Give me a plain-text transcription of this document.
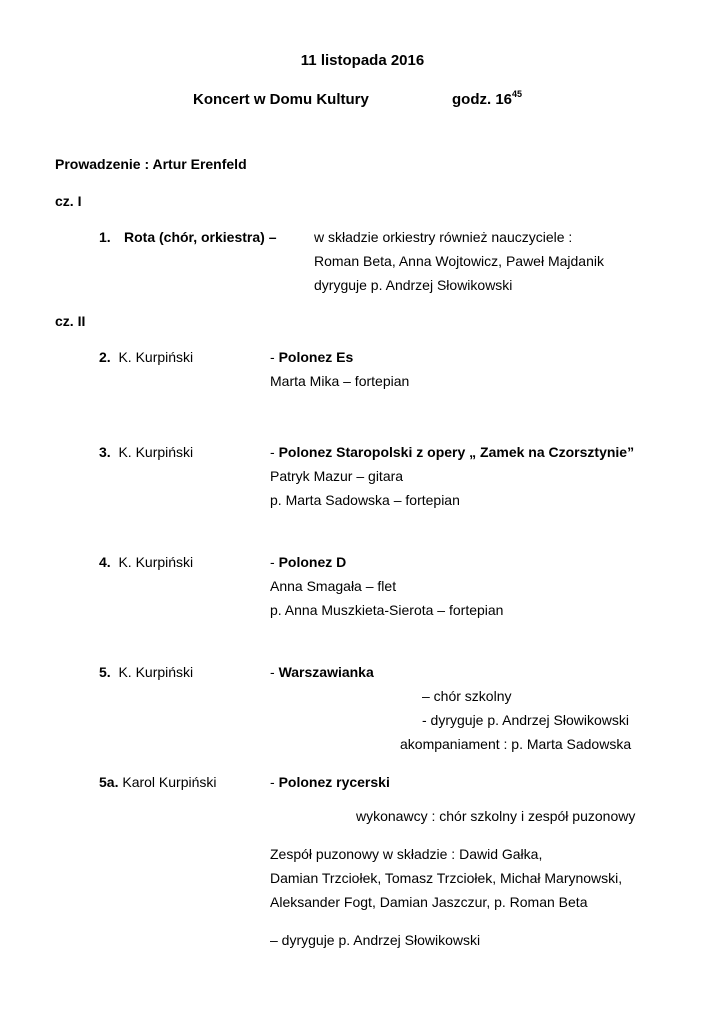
11 listopada 2016
Koncert w Domu Kultury	godz. $16^{45}$
Prowadzenie : Artur Erenfeld
cz. I
1. Rota (chór, orkiestra) –	w składzie orkiestry również nauczyciele :
Roman Beta, Anna Wojtowicz, Paweł Majdanik
dyryguje p. Andrzej Słowikowski
cz. II
2. K. Kurpiński	- Polonez Es
Marta Mika – fortepian
3. K. Kurpiński	- Polonez Staropolski z opery „ Zamek na Czorsztynie”
Patryk Mazur – gitara
p. Marta Sadowska – fortepian
4. K. Kurpiński	- Polonez D
Anna Smagała – flet
p. Anna Muszkieta-Sierota – fortepian
5. K. Kurpiński	- Warszawianka
– chór szkolny
- dyryguje p. Andrzej Słowikowski
akompaniament : p. Marta Sadowska
5a. Karol Kurpiński	- Polonez rycerski
wykonawcy : chór szkolny i zespół puzonowy
Zespół puzonowy w składzie : Dawid Gałka,
Damian Trzciołek, Tomasz Trzciołek, Michał Marynowski,
Aleksander Fogt, Damian Jaszczur, p. Roman Beta
– dyryguje p. Andrzej Słowikowski
